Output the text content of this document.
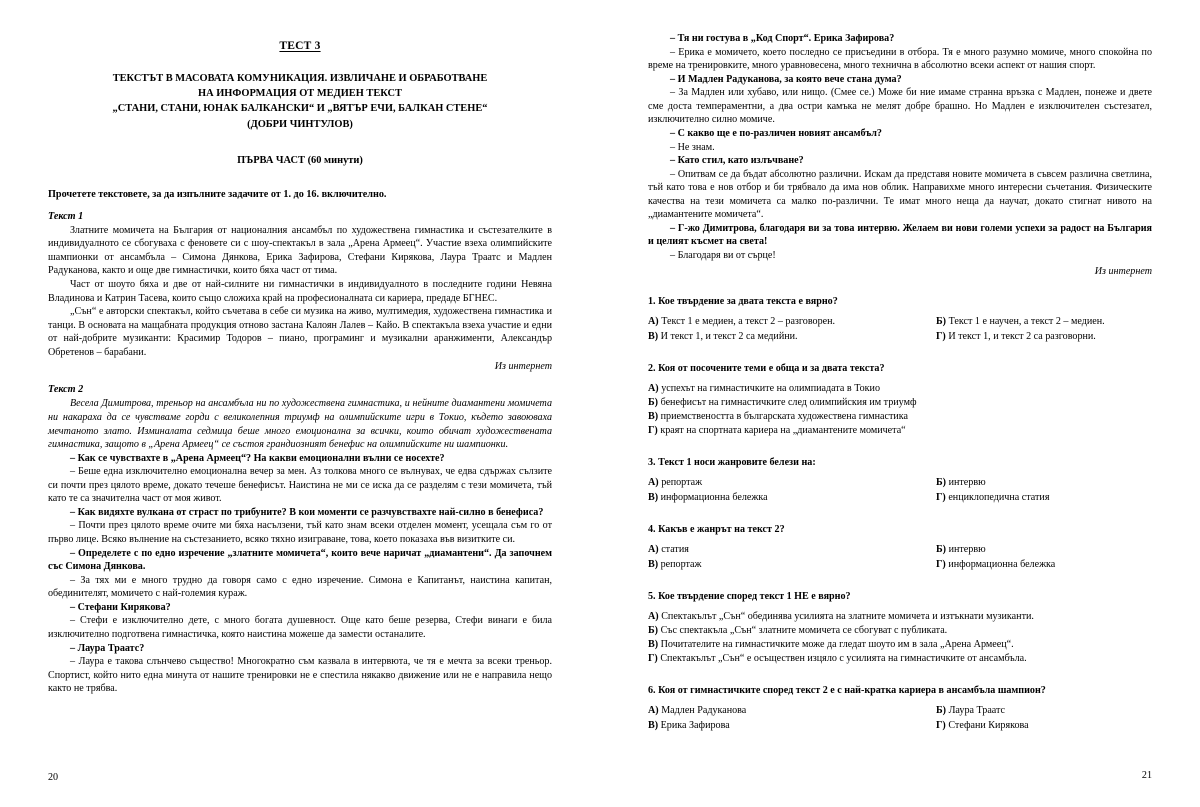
ТЕСТ 3
ТЕКСТЪТ В МАСОВАТА КОМУНИКАЦИЯ. ИЗВЛИЧАНЕ И ОБРАБОТВАНЕ
НА ИНФОРМАЦИЯ ОТ МЕДИЕН ТЕКСТ
„СТАНИ, СТАНИ, ЮНАК БАЛКАНСКИ“ И „ВЯТЪР ЕЧИ, БАЛКАН СТЕНЕ“
(ДОБРИ ЧИНТУЛОВ)
ПЪРВА ЧАСТ (60 минути)
Прочетете текстовете, за да изпълните задачите от 1. до 16. включително.
Текст 1

Златните момичета на България от националния ансамбъл по художествена гимнастика и състезателките в индивидуалното се сбогуваха с феновете си с шоу-спектакъл в зала „Арена Армеец“. Участие взеха олимпийските шампионки от ансамбъла – Симона Дянкова, Ерика Зафирова, Стефани Кирякова, Лаура Траатс и Мадлен Радуканова, както и още две гимнастички, които бяха част от тима.

Част от шоуто бяха и две от най-силните ни гимнастички в индивидуалното в последните години Невяна Владинова и Катрин Тасева, които също сложиха край на професионалната си кариера, предаде БГНЕС.

„Сън“ е авторски спектакъл, който съчетава в себе си музика на живо, мултимедия, художествена гимнастика и танци. В основата на мащабната продукция отново застана Калоян Лалев – Кайо. В спектакъла взеха участие и едни от най-добрите музиканти: Красимир Тодоров – пиано, програминг и музикални аранжименти, Александър Обретенов – барабани.

Из интернет
Текст 2

Весела Димитрова, треньор на ансамбъла ни по художествена гимнастика, и нейните диамантени момичета ни накараха да се чувстваме горди с великолепния триумф на олимпийските игри в Токио, където завоюваха мечтаното злато. Изминалата седмица беше много емоционална за всички, които обичат художествената гимнастика, защото в „Арена Армеец“ се състоя грандиозният бенефис на олимпийските ни шампионки.

– Как се чувствахте в „Арена Армеец“? На какви емоционални вълни се носехте?

– Беше една изключително емоционална вечер за мен. Аз толкова много се вълнувах, че едва сдържах сълзите си почти през цялото време, докато течеше бенефисът. Наистина не ми се иска да се разделям с тези момичета, тъй като те са значителна част от моя живот.

– Как видяхте вулкана от страст по трибуните? В кои моменти се разчувствахте най-силно в бенефиса?

– Почти през цялото време очите ми бяха насълзени, тъй като знам всеки отделен момент, усещала съм го от първо лице. Всяко вълнение на състезанието, всяко тяхно изиграване, това, което показаха във визитките си.

– Определете с по едно изречение „златните момичета“, които вече наричат „диамантени“. Да започнем със Симона Дянкова.

– За тях ми е много трудно да говоря само с едно изречение. Симона е Капитанът, наистина капитан, обединителят, момичето с най-големия кураж.

– Стефани Кирякова?

– Стефи е изключително дете, с много богата душевност. Още като беше резерва, Стефи винаги е била изключително подготвена гимнастичка, която наистина можеше да замести останалите.

– Лаура Траатс?

– Лаура е такова слънчево същество! Многократно съм казвала в интервюта, че тя е мечта за всеки треньор. Спортист, който нито една минута от нашите тренировки не е спестила някакво движение или не е направила нещо както не трябва.

20

– Тя ни гостува в „Код Спорт“. Ерика Зафирова?

– Ерика е момичето, което последно се присъедини в отбора. Тя е много разумно момиче, много спокойна по време на тренировките, много уравновесена, много технична в абсолютно всеки аспект от нашия спорт.

– И Мадлен Радуканова, за която вече стана дума?

– За Мадлен или хубаво, или нищо. (Смее се.) Може би ние имаме странна връзка с Мадлен, понеже и двете сме доста темпераментни, а два остри камъка не мелят добре брашно. Но Мадлен е изключителен състезател, изключително силно момиче.

– С какво ще е по-различен новият ансамбъл?

– Не знам.

– Като стил, като излъчване?

– Опитвам се да бъдат абсолютно различни. Искам да представя новите момичета в съвсем различна светлина, тъй като това е нов отбор и би трябвало да има нов облик. Направихме много интересни съчетания. Физическите качества на тези момичета са малко по-различни. Те имат много неща да научат, докато стигнат нивото на „диамантените момичета“.

– Г-жо Димитрова, благодаря ви за това интервю. Желаем ви нови големи успехи за радост на България и целият късмет на света!

– Благодаря ви от сърце!

Из интернет
1. Кое твърдение за двата текста е вярно?
А) Текст 1 е медиен, а текст 2 – разговорен.	Б) Текст 1 е научен, а текст 2 – медиен.
В) И текст 1, и текст 2 са медийни.	Г) И текст 1, и текст 2 са разговорни.
2. Коя от посочените теми е обща и за двата текста?
А) успехът на гимнастичките на олимпиадата в Токио
Б) бенефисът на гимнастичките след олимпийския им триумф
В) приемствеността в българската художествена гимнастика
Г) краят на спортната кариера на „диамантените момичета“
3. Текст 1 носи жанровите белези на:
А) репортаж	Б) интервю
В) информационна бележка	Г) енциклопедична статия
4. Какъв е жанрът на текст 2?
А) статия	Б) интервю
В) репортаж	Г) информационна бележка
5. Кое твърдение според текст 1 НЕ е вярно?
А) Спектакълът „Сън“ обединява усилията на златните момичета и изтъкнати музиканти.
Б) Със спектакъла „Сън“ златните момичета се сбогуват с публиката.
В) Почитателите на гимнастичките може да гледат шоуто им в зала „Арена Армеец“.
Г) Спектакълът „Сън“ е осъществен изцяло с усилията на гимнастичките от ансамбъла.
6. Коя от гимнастичките според текст 2 е с най-кратка кариера в ансамбъла шампион?
А) Мадлен Радуканова	Б) Лаура Траатс
В) Ерика Зафирова	Г) Стефани Кирякова
21
